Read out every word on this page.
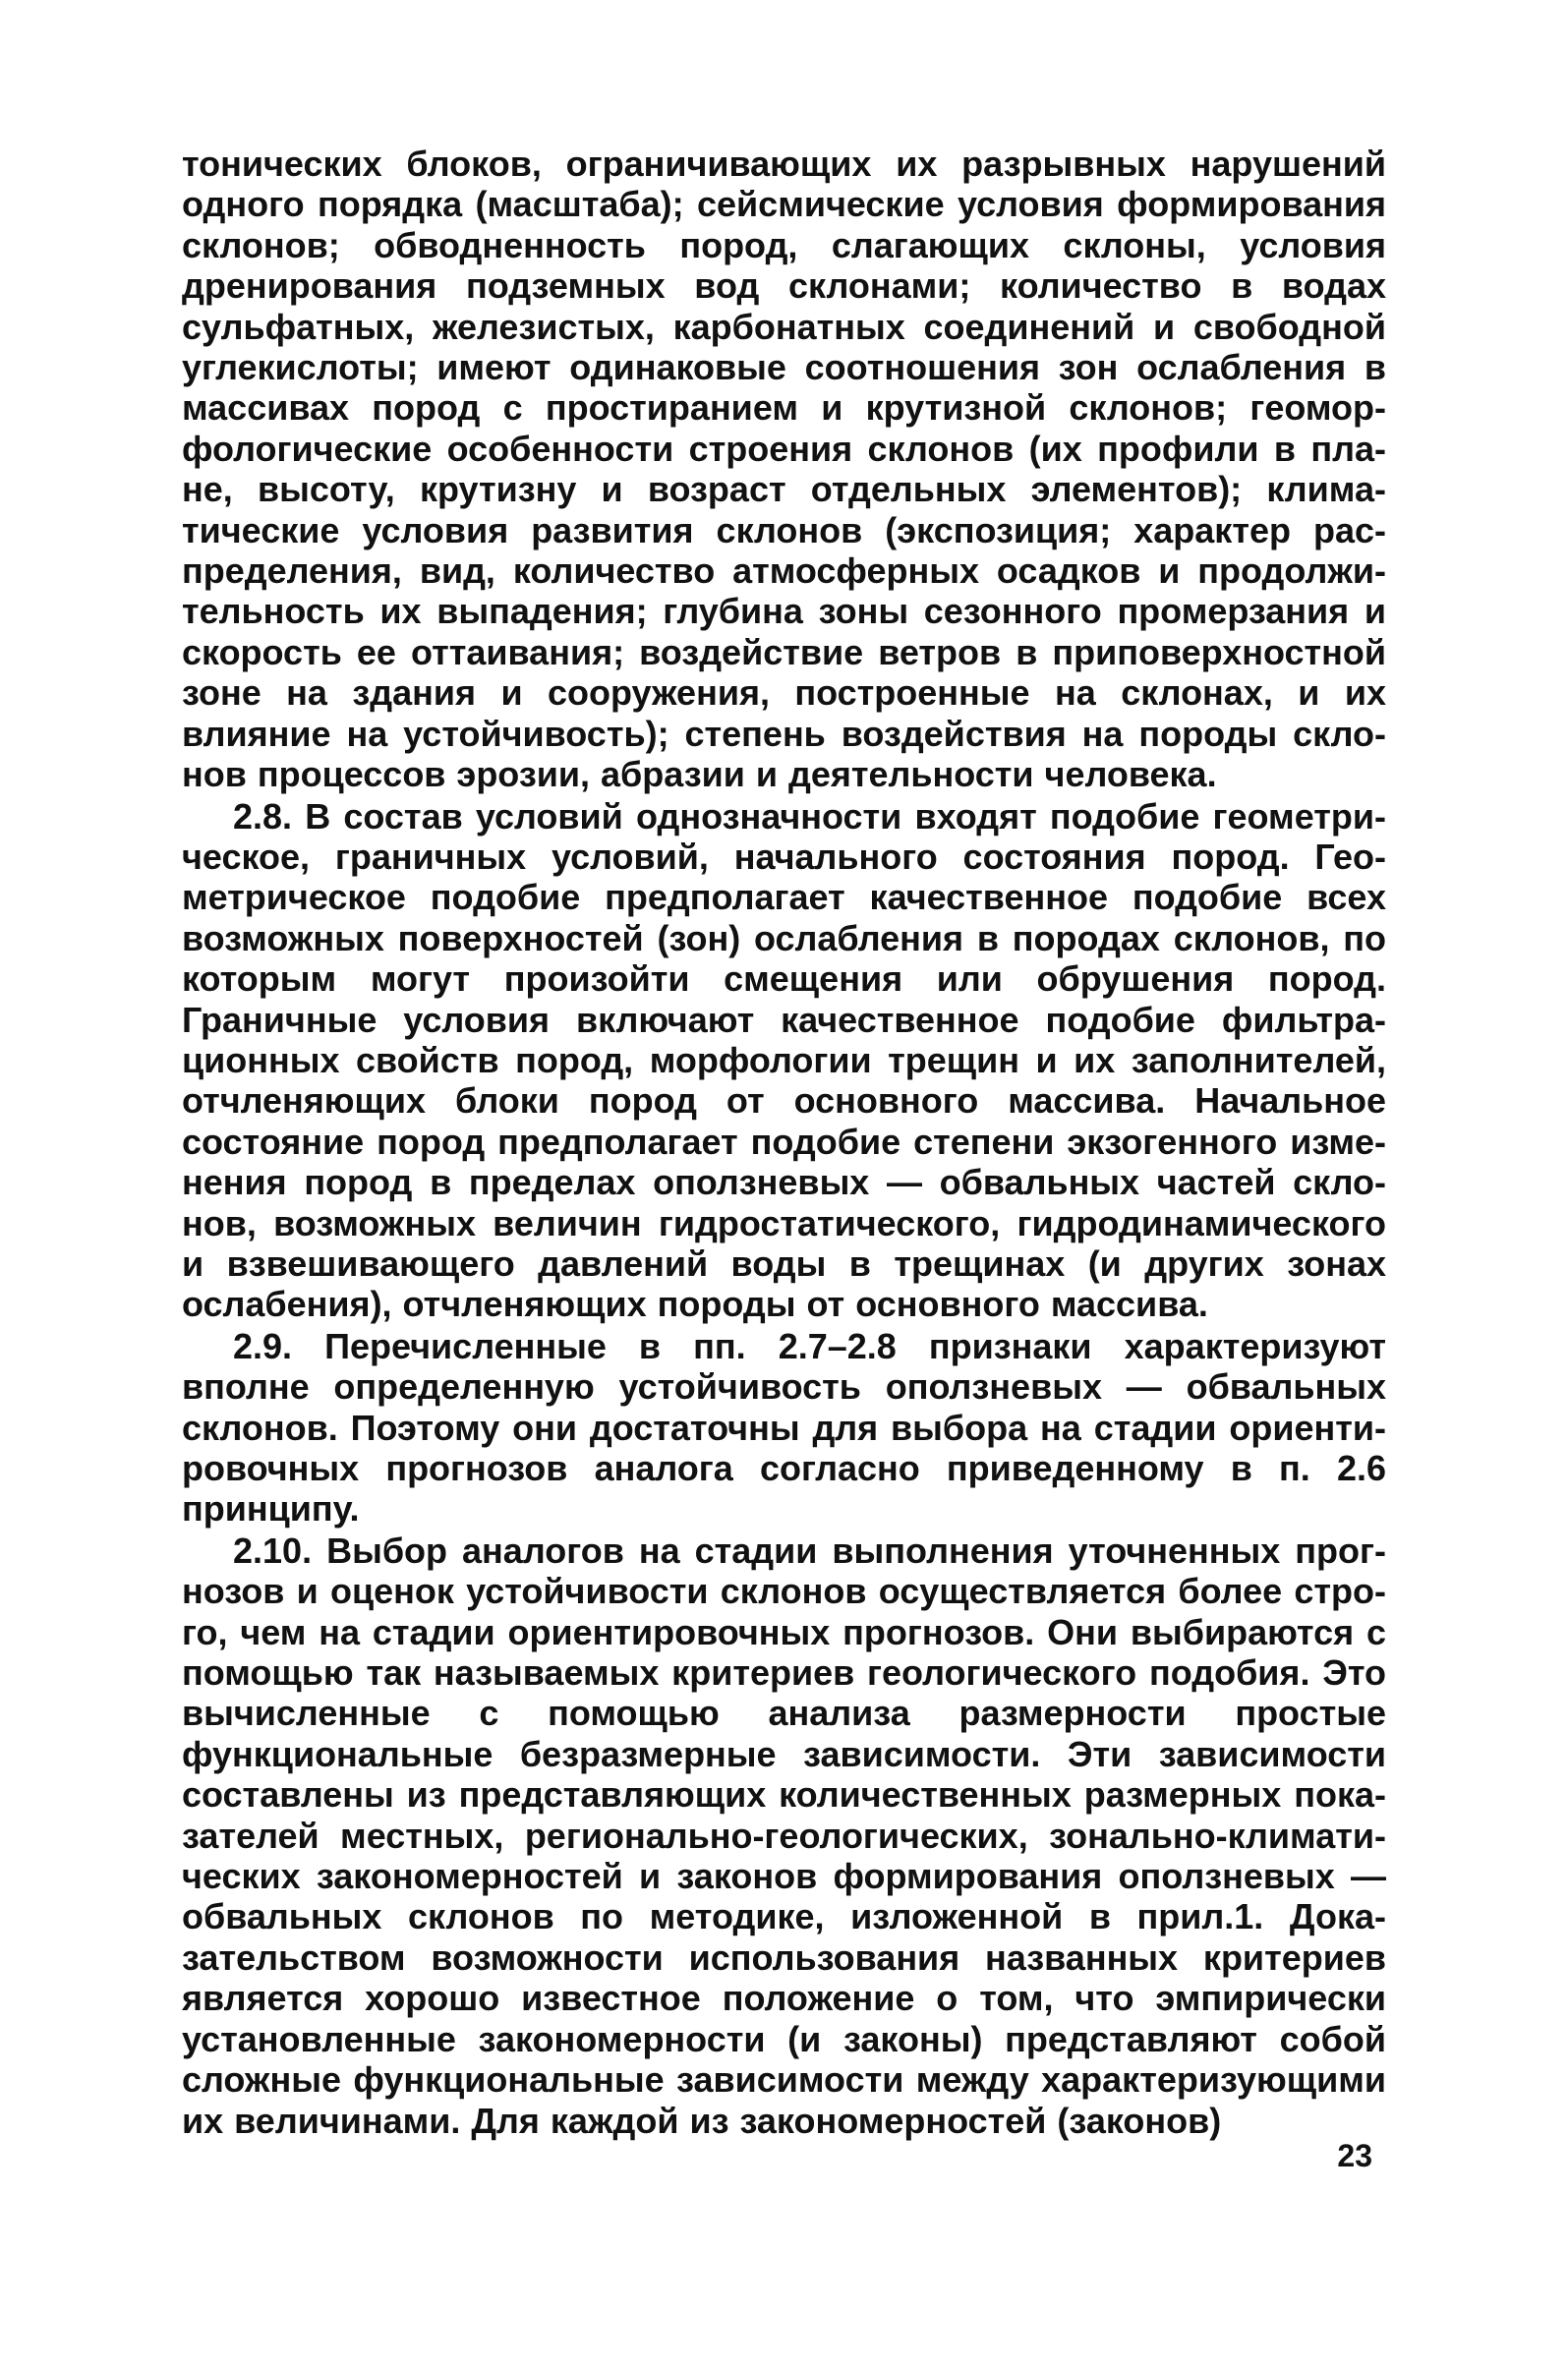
тонических блоков, ограничивающих их разрывных нарушений одного порядка (масштаба); сейсмические условия формирования склонов; обводненность пород, слагающих склоны, условия дренирования подземных вод склонами; количество в водах сульфатных, железистых, карбонатных соединений и свободной углекислоты; имеют одинаковые соотношения зон ослабления в массивах пород с простиранием и крутизной склонов; геоморфологические особенности строения склонов (их профили в плане, высоту, крутизну и возраст отдельных элементов); климатические условия развития склонов (экспозиция; характер распределения, вид, количество атмосферных осадков и продолжительность их выпадения; глубина зоны сезонного промерзания и скорость ее оттаивания; воздействие ветров в приповерхностной зоне на здания и сооружения, построенные на склонах, и их влияние на устойчивость); степень воздействия на породы склонов процессов эрозии, абразии и деятельности человека.

2.8. В состав условий однозначности входят подобие геометрическое, граничных условий, начального состояния пород. Геометрическое подобие предполагает качественное подобие всех возможных поверхностей (зон) ослабления в породах склонов, по которым могут произойти смещения или обрушения пород. Граничные условия включают качественное подобие фильтрационных свойств пород, морфологии трещин и их заполнителей, отчленяющих блоки пород от основного массива. Начальное состояние пород предполагает подобие степени экзогенного изменения пород в пределах оползневых — обвальных частей склонов, возможных величин гидростатического, гидродинамического и взвешивающего давлений воды в трещинах (и других зонах ослабения), отчленяющих породы от основного массива.

2.9. Перечисленные в пп. 2.7–2.8 признаки характеризуют вполне определенную устойчивость оползневых — обвальных склонов. Поэтому они достаточны для выбора на стадии ориентировочных прогнозов аналога согласно приведенному в п. 2.6 принципу.

2.10. Выбор аналогов на стадии выполнения уточненных прогнозов и оценок устойчивости склонов осуществляется более строго, чем на стадии ориентировочных прогнозов. Они выбираются с помощью так называемых критериев геологического подобия. Это вычисленные с помощью анализа размерности простые функциональные безразмерные зависимости. Эти зависимости составлены из представляющих количественных размерных показателей местных, регионально-геологических, зонально-климатических закономерностей и законов формирования оползневых — обвальных склонов по методике, изложенной в прил.1. Доказательством возможности использования названных критериев является хорошо известное положение о том, что эмпирически установленные закономерности (и законы) представляют собой сложные функциональные зависимости между характеризующими их величинами. Для каждой из закономерностей (законов)

23
